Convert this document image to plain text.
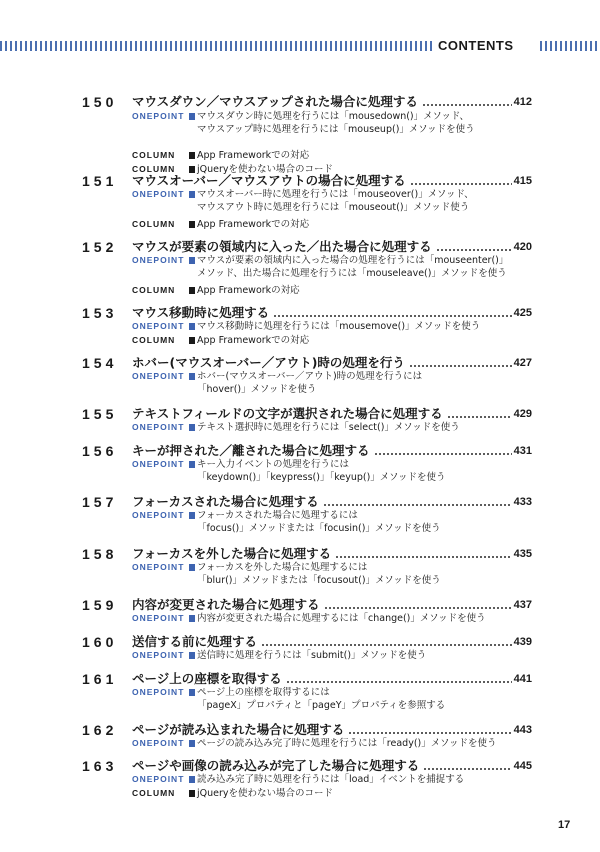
CONTENTS
150	マウスダウン／マウスアップされた場合に処理する	412
ONEPOINT	マウスダウン時に処理を行うには「mousedown()」メソッド、
マウスアップ時に処理を行うには「mouseup()」メソッドを使う
COLUMN	App Frameworkでの対応
COLUMN	jQueryを使わない場合のコード
151	マウスオーバー／マウスアウトの場合に処理する	415
ONEPOINT	マウスオーバー時に処理を行うには「mouseover()」メソッド、
マウスアウト時に処理を行うには「mouseout()」メソッド使う
COLUMN	App Frameworkでの対応
152	マウスが要素の領域内に入った／出た場合に処理する	420
ONEPOINT	マウスが要素の領域内に入った場合の処理を行うには「mouseenter()」
メソッド、出た場合に処理を行うには「mouseleave()」メソッドを使う
COLUMN	App Frameworkの対応
153	マウス移動時に処理する	425
ONEPOINT	マウス移動時に処理を行うには「mousemove()」メソッドを使う
COLUMN	App Frameworkでの対応
154	ホバー(マウスオーバー／アウト)時の処理を行う	427
ONEPOINT	ホバー(マウスオーバー／アウト)時の処理を行うには
「hover()」メソッドを使う
155	テキストフィールドの文字が選択された場合に処理する	429
ONEPOINT	テキスト選択時に処理を行うには「select()」メソッドを使う
156	キーが押された／離された場合に処理する	431
ONEPOINT	キー入力イベントの処理を行うには
「keydown()」「keypress()」「keyup()」メソッドを使う
157	フォーカスされた場合に処理する	433
ONEPOINT	フォーカスされた場合に処理するには
「focus()」メソッドまたは「focusin()」メソッドを使う
158	フォーカスを外した場合に処理する	435
ONEPOINT	フォーカスを外した場合に処理するには
「blur()」メソッドまたは「focusout()」メソッドを使う
159	内容が変更された場合に処理する	437
ONEPOINT	内容が変更された場合に処理するには「change()」メソッドを使う
160	送信する前に処理する	439
ONEPOINT	送信時に処理を行うには「submit()」メソッドを使う
161	ページ上の座標を取得する	441
ONEPOINT	ページ上の座標を取得するには
「pageX」プロパティと「pageY」プロパティを参照する
162	ページが読み込まれた場合に処理する	443
ONEPOINT	ページの読み込み完了時に処理を行うには「ready()」メソッドを使う
163	ページや画像の読み込みが完了した場合に処理する	445
ONEPOINT	読み込み完了時に処理を行うには「load」イベントを捕捉する
COLUMN	jQueryを使わない場合のコード
17
